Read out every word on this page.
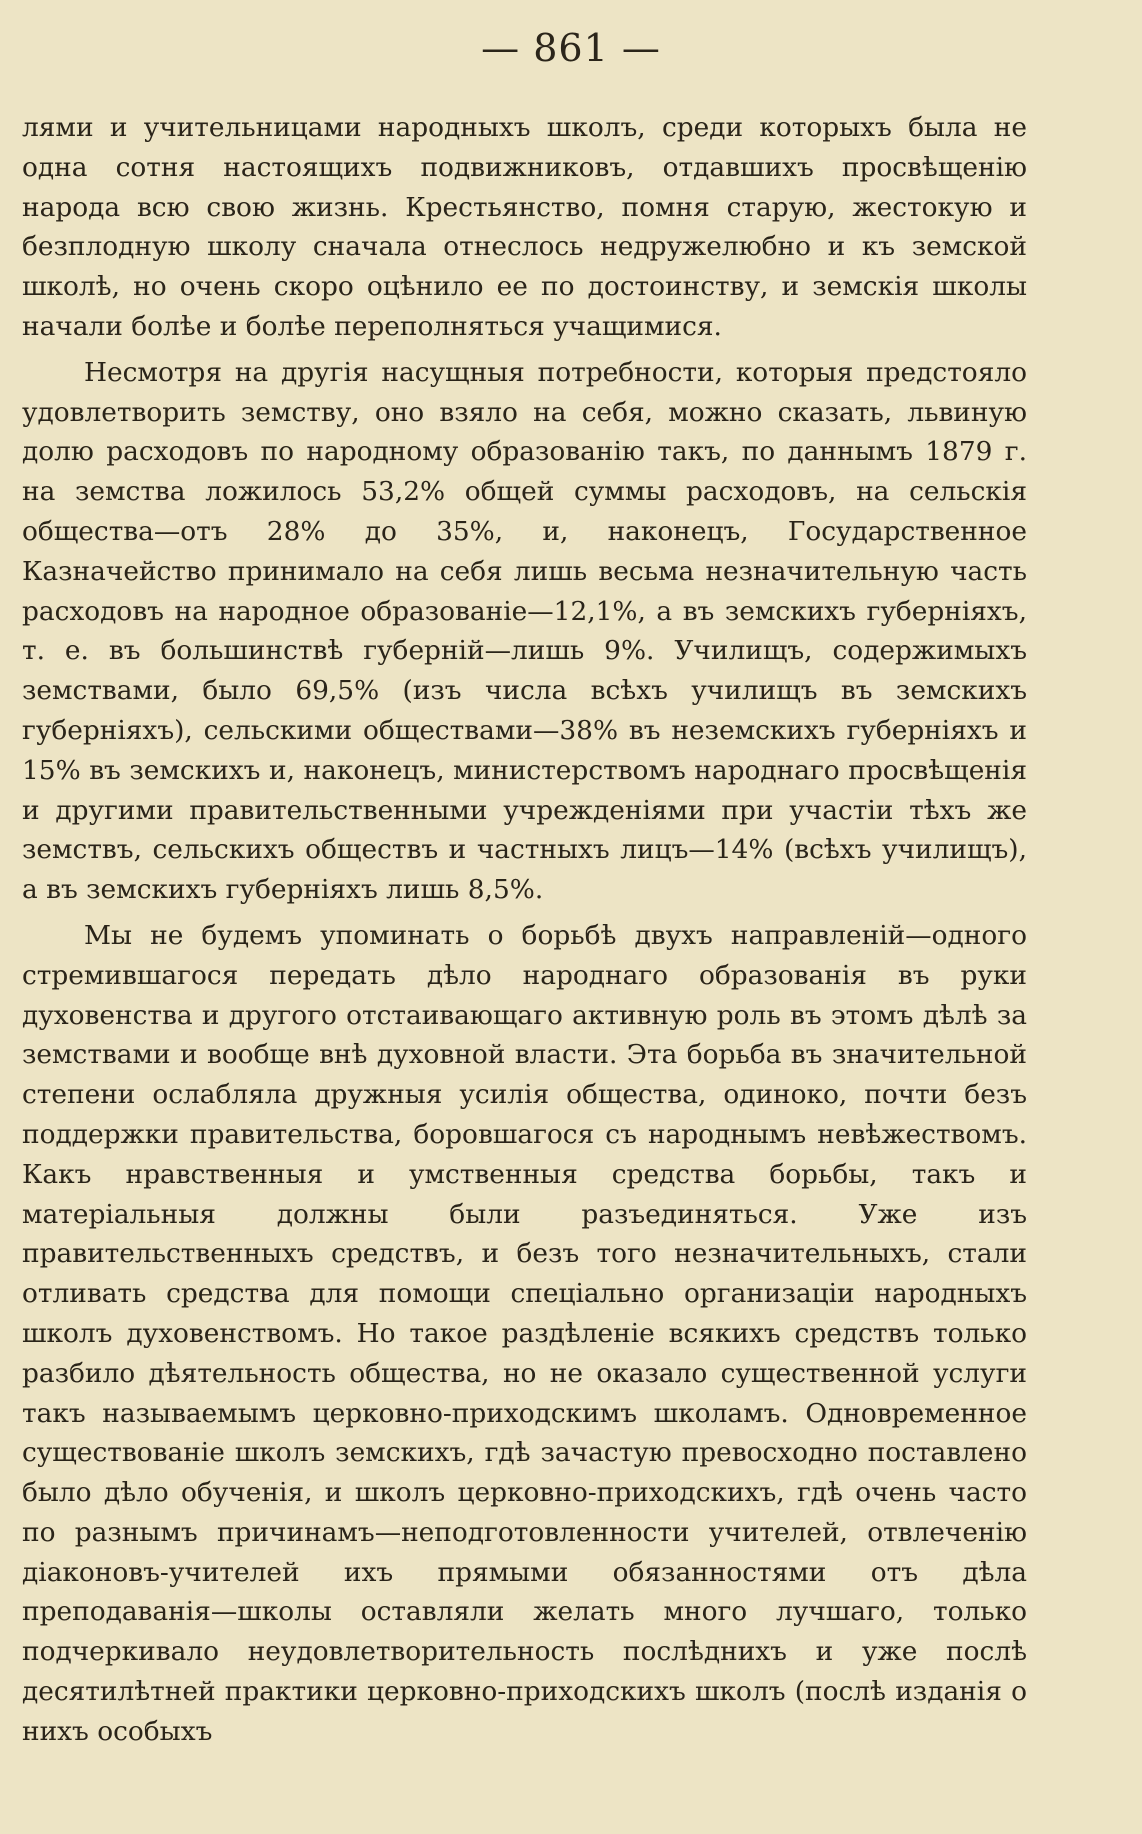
— 861 —

лями и учительницами народныхъ школъ, среди которыхъ была не одна сотня настоящихъ подвижниковъ, отдавшихъ просвѣщенію народа всю свою жизнь. Крестьянство, помня старую, жестокую и безплодную школу сначала отнеслось недружелюбно и къ земской школѣ, но очень скоро оцѣнило ее по достоинству, и земскія школы начали болѣе и болѣе переполняться учащимися.

Несмотря на другія насущныя потребности, которыя предстояло удовлетворить земству, оно взяло на себя, можно сказать, львиную долю расходовъ по народному образованію такъ, по даннымъ 1879 г. на земства ложилось 53,2% общей суммы расходовъ, на сельскія общества—отъ 28% до 35%, и, наконецъ, Государственное Казначейство принимало на себя лишь весьма незначительную часть расходовъ на народное образованіе—12,1%, а въ земскихъ губерніяхъ, т. е. въ большинствѣ губерній—лишь 9%. Училищъ, содержимыхъ земствами, было 69,5% (изъ числа всѣхъ училищъ въ земскихъ губерніяхъ), сельскими обществами—38% въ неземскихъ губерніяхъ и 15% въ земскихъ и, наконецъ, министерствомъ народнаго просвѣщенія и другими правительственными учрежденіями при участіи тѣхъ же земствъ, сельскихъ обществъ и частныхъ лицъ—14% (всѣхъ училищъ), а въ земскихъ губерніяхъ лишь 8,5%.

Мы не будемъ упоминать о борьбѣ двухъ направленій—одного стремившагося передать дѣло народнаго образованія въ руки духовенства и другого отстаивающаго активную роль въ этомъ дѣлѣ за земствами и вообще внѣ духовной власти. Эта борьба въ значительной степени ослабляла дружныя усилія общества, одиноко, почти безъ поддержки правительства, боровшагося съ народнымъ невѣжествомъ. Какъ нравственныя и умственныя средства борьбы, такъ и матеріальныя должны были разъединяться. Уже изъ правительственныхъ средствъ, и безъ того незначительныхъ, стали отливать средства для помощи спеціально организаціи народныхъ школъ духовенствомъ. Но такое раздѣленіе всякихъ средствъ только разбило дѣятельность общества, но не оказало существенной услуги такъ называемымъ церковно-приходскимъ школамъ. Одновременное существованіе школъ земскихъ, гдѣ зачастую превосходно поставлено было дѣло обученія, и школъ церковно-приходскихъ, гдѣ очень часто по разнымъ причинамъ—неподготовленности учителей, отвлеченію діаконовъ-учителей ихъ прямыми обязанностями отъ дѣла преподаванія—школы оставляли желать много лучшаго, только подчеркивало неудовлетворительность послѣднихъ и уже послѣ десятилѣтней практики церковно-приходскихъ школъ (послѣ изданія о нихъ особыхъ
